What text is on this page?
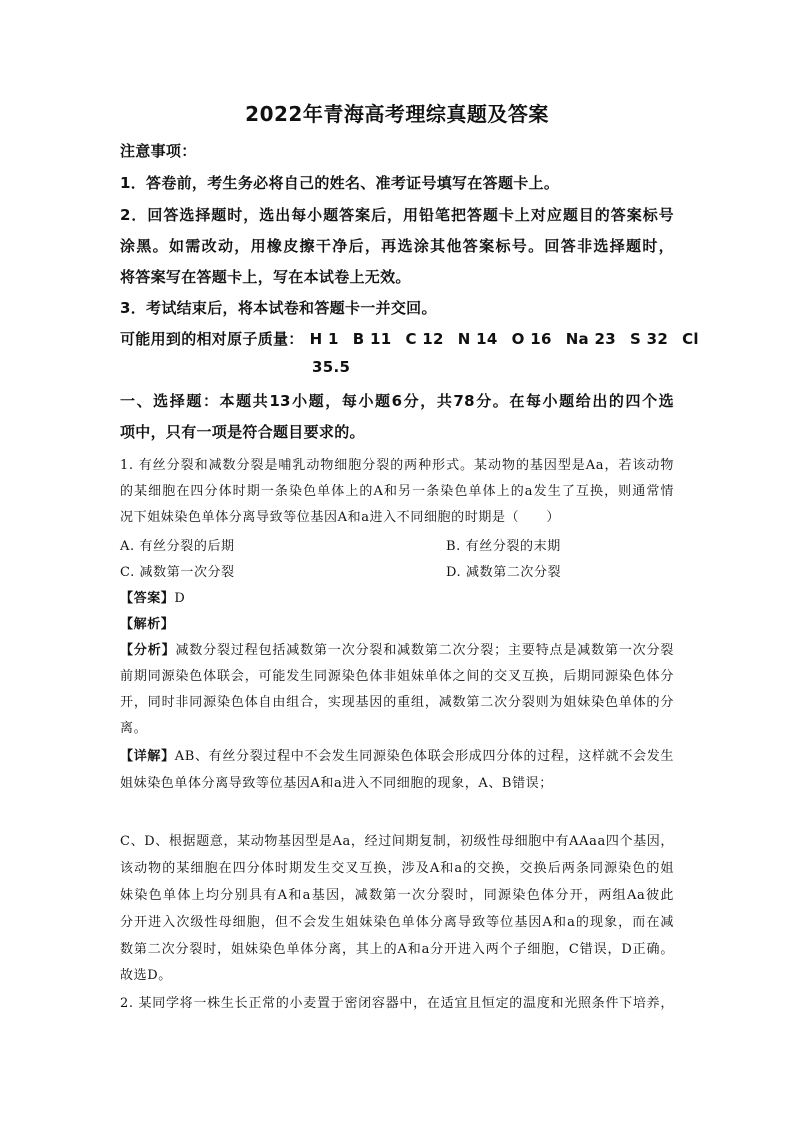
2022年青海高考理综真题及答案
注意事项：
1．答卷前，考生务必将自己的姓名、准考证号填写在答题卡上。
2．回答选择题时，选出每小题答案后，用铅笔把答题卡上对应题目的答案标号
涂黑。如需改动，用橡皮擦干净后，再选涂其他答案标号。回答非选择题时，
将答案写在答题卡上，写在本试卷上无效。
3．考试结束后，将本试卷和答题卡一并交回。
可能用到的相对原子质量： H 1 B 11 C 12 N 14 O 16 Na 23 S 32 Cl
35.5
一、选择题：本题共13小题，每小题6分，共78分。在每小题给出的四个选
项中，只有一项是符合题目要求的。
1. 有丝分裂和减数分裂是哺乳动物细胞分裂的两种形式。某动物的基因型是Aa，若该动物
的某细胞在四分体时期一条染色单体上的A和另一条染色单体上的a发生了互换，则通常情
况下姐妹染色单体分离导致等位基因A和a进入不同细胞的时期是（　　）
A. 有丝分裂的后期	B. 有丝分裂的末期
C. 减数第一次分裂	D. 减数第二次分裂
【答案】D
【解析】
【分析】减数分裂过程包括减数第一次分裂和减数第二次分裂；主要特点是减数第一次分裂
前期同源染色体联会，可能发生同源染色体非姐妹单体之间的交叉互换，后期同源染色体分
开，同时非同源染色体自由组合，实现基因的重组，减数第二次分裂则为姐妹染色单体的分
离。
【详解】AB、有丝分裂过程中不会发生同源染色体联会形成四分体的过程，这样就不会发生
姐妹染色单体分离导致等位基因A和a进入不同细胞的现象，A、B错误；
C、D、根据题意，某动物基因型是Aa，经过间期复制，初级性母细胞中有AAaa四个基因，
该动物的某细胞在四分体时期发生交叉互换，涉及A和a的交换，交换后两条同源染色的姐
妹染色单体上均分别具有A和a基因，减数第一次分裂时，同源染色体分开，两组Aa彼此
分开进入次级性母细胞，但不会发生姐妹染色单体分离导致等位基因A和a的现象，而在减
数第二次分裂时，姐妹染色单体分离，其上的A和a分开进入两个子细胞，C错误，D正确。
故选D。
2. 某同学将一株生长正常的小麦置于密闭容器中，在适宜且恒定的温度和光照条件下培养，
